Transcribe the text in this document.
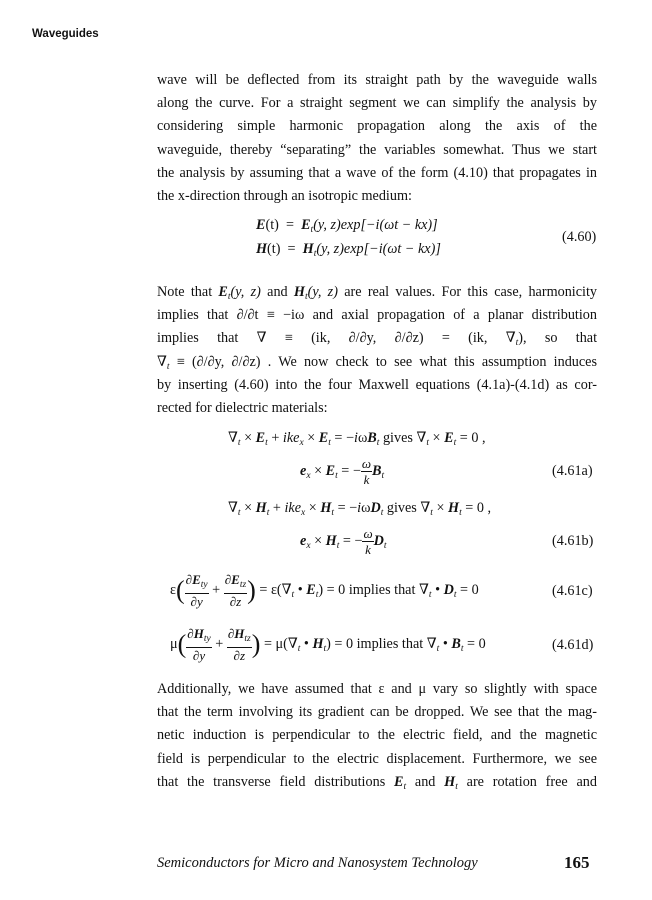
Waveguides
wave will be deflected from its straight path by the waveguide walls
along the curve. For a straight segment we can simplify the analysis by
considering simple harmonic propagation along the axis of the
waveguide, thereby “separating” the variables somewhat. Thus we start
the analysis by assuming that a wave of the form (4.10) that propagates in
the x-direction through an isotropic medium:
$E(t) = E_t(y$, z)exp[−i(ωt − kx)]
$H(t) = H_t(y$, z)exp[−i(ωt − kx)]
(4.60)
Note that $E_t(y$, z) and $H_t(y$, z) are real values. For this case, harmonicity
implies that ∂/∂t ≡ −iω and axial propagation of a planar distribution
implies that ∇ ≡ (ik, ∂/∂y, ∂/∂z) = (ik, $\nabla_t$), so that
$\nabla_t \equiv (\partial/\partial y$, ∂/∂z) . We now check to see what this assumption induces
by inserting (4.60) into the four Maxwell equations (4.1a)-(4.1d) as cor-
rected for dielectric materials:
$\nabla_t \times E_t + ike_x \times E_t = -i\omega B_t$ gives $\nabla_t \times E_t = 0$ ,
$e_x \times E_t$ = − $\frac{\omega}{k} B_t$	(4.61a)
$\nabla_t \times H_t + ike_x \times H_t = -i\omega D_t$ gives $\nabla_t \times H_t = 0$ ,
$e_x \times H_t$ = − $\frac{\omega}{k} D_t$	(4.61b)
$\varepsilon( \frac{\partial E_{ty}}{\partial y} + \frac{\partial E_{tz}}{\partial z}$ ) = $\varepsilon(\nabla_t$ • $E_t) = 0$ implies that $\nabla_t$ • $D_t = 0$	(4.61c)
$\mu( \frac{\partial H_{ty}}{\partial y} + \frac{\partial H_{tz}}{\partial z}$ ) = $\mu(\nabla_t$ • $H_t) = 0$ implies that $\nabla_t$ • $B_t = 0$	(4.61d)
Additionally, we have assumed that ε and μ vary so slightly with space
that the term involving its gradient can be dropped. We see that the mag-
netic induction is perpendicular to the electric field, and the magnetic
field is perpendicular to the electric displacement. Furthermore, we see
that the transverse field distributions $E_t$ and $H_t$ are rotation free and
Semiconductors for Micro and Nanosystem Technology	165
